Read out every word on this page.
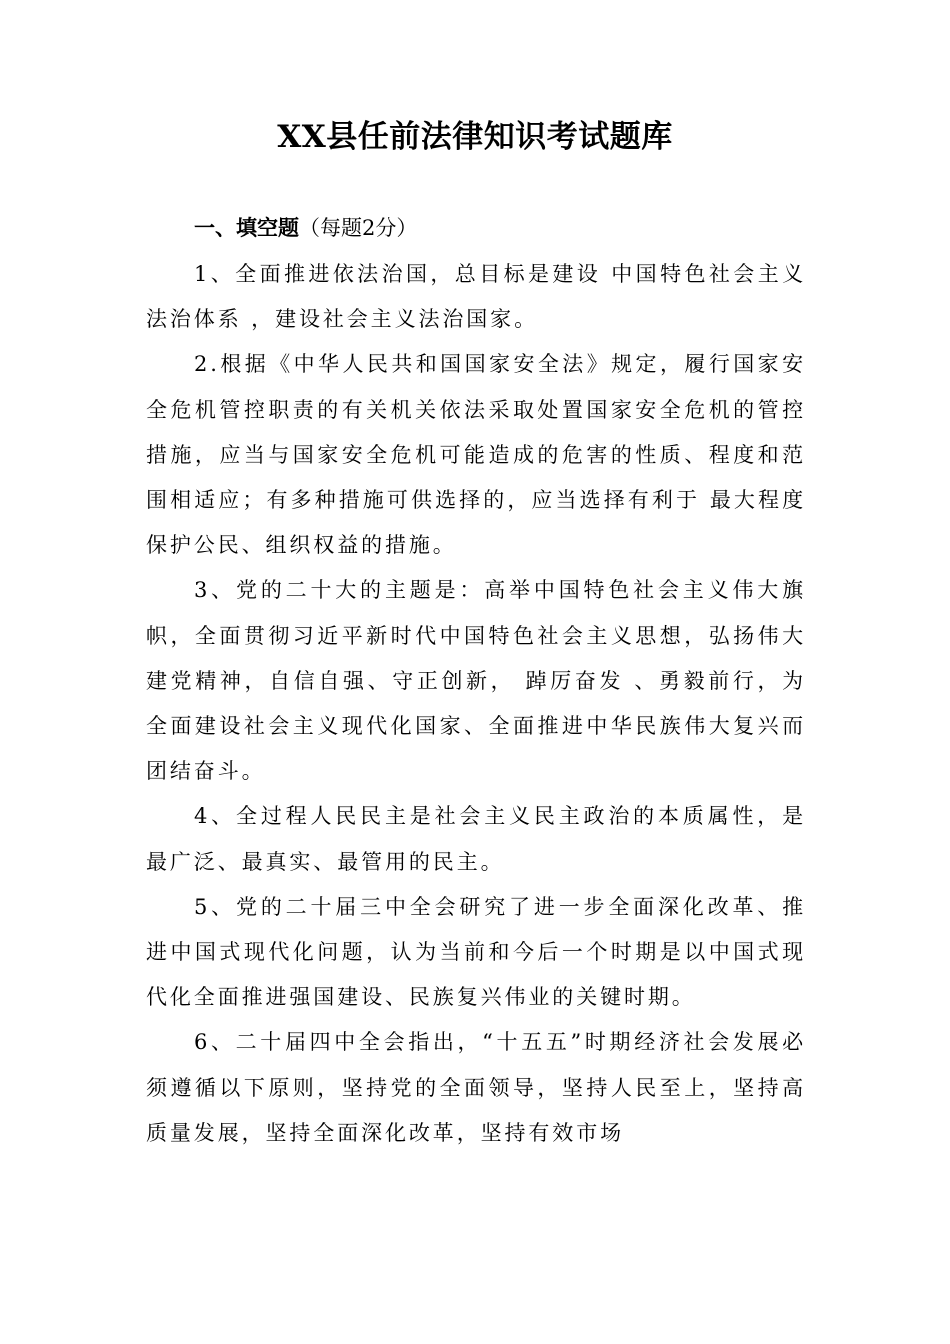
XX县任前法律知识考试题库
一、填空题（每题2分）

1、全面推进依法治国，总目标是建设 中国特色社会主义法治体系 ，建设社会主义法治国家。

2.根据《中华人民共和国国家安全法》规定，履行国家安全危机管控职责的有关机关依法采取处置国家安全危机的管控措施，应当与国家安全危机可能造成的危害的性质、程度和范围相适应；有多种措施可供选择的，应当选择有利于 最大程度保护公民、组织权益的措施。

3、党的二十大的主题是：高举中国特色社会主义伟大旗帜，全面贯彻习近平新时代中国特色社会主义思想，弘扬伟大建党精神，自信自强、守正创新， 踔厉奋发 、勇毅前行，为全面建设社会主义现代化国家、全面推进中华民族伟大复兴而团结奋斗。

4、全过程人民民主是社会主义民主政治的本质属性，是最广泛、最真实、最管用的民主。

5、党的二十届三中全会研究了进一步全面深化改革、推进中国式现代化问题，认为当前和今后一个时期是以中国式现代化全面推进强国建设、民族复兴伟业的关键时期。

6、二十届四中全会指出，“十五五”时期经济社会发展必须遵循以下原则，坚持党的全面领导，坚持人民至上，坚持高质量发展，坚持全面深化改革，坚持有效市场
